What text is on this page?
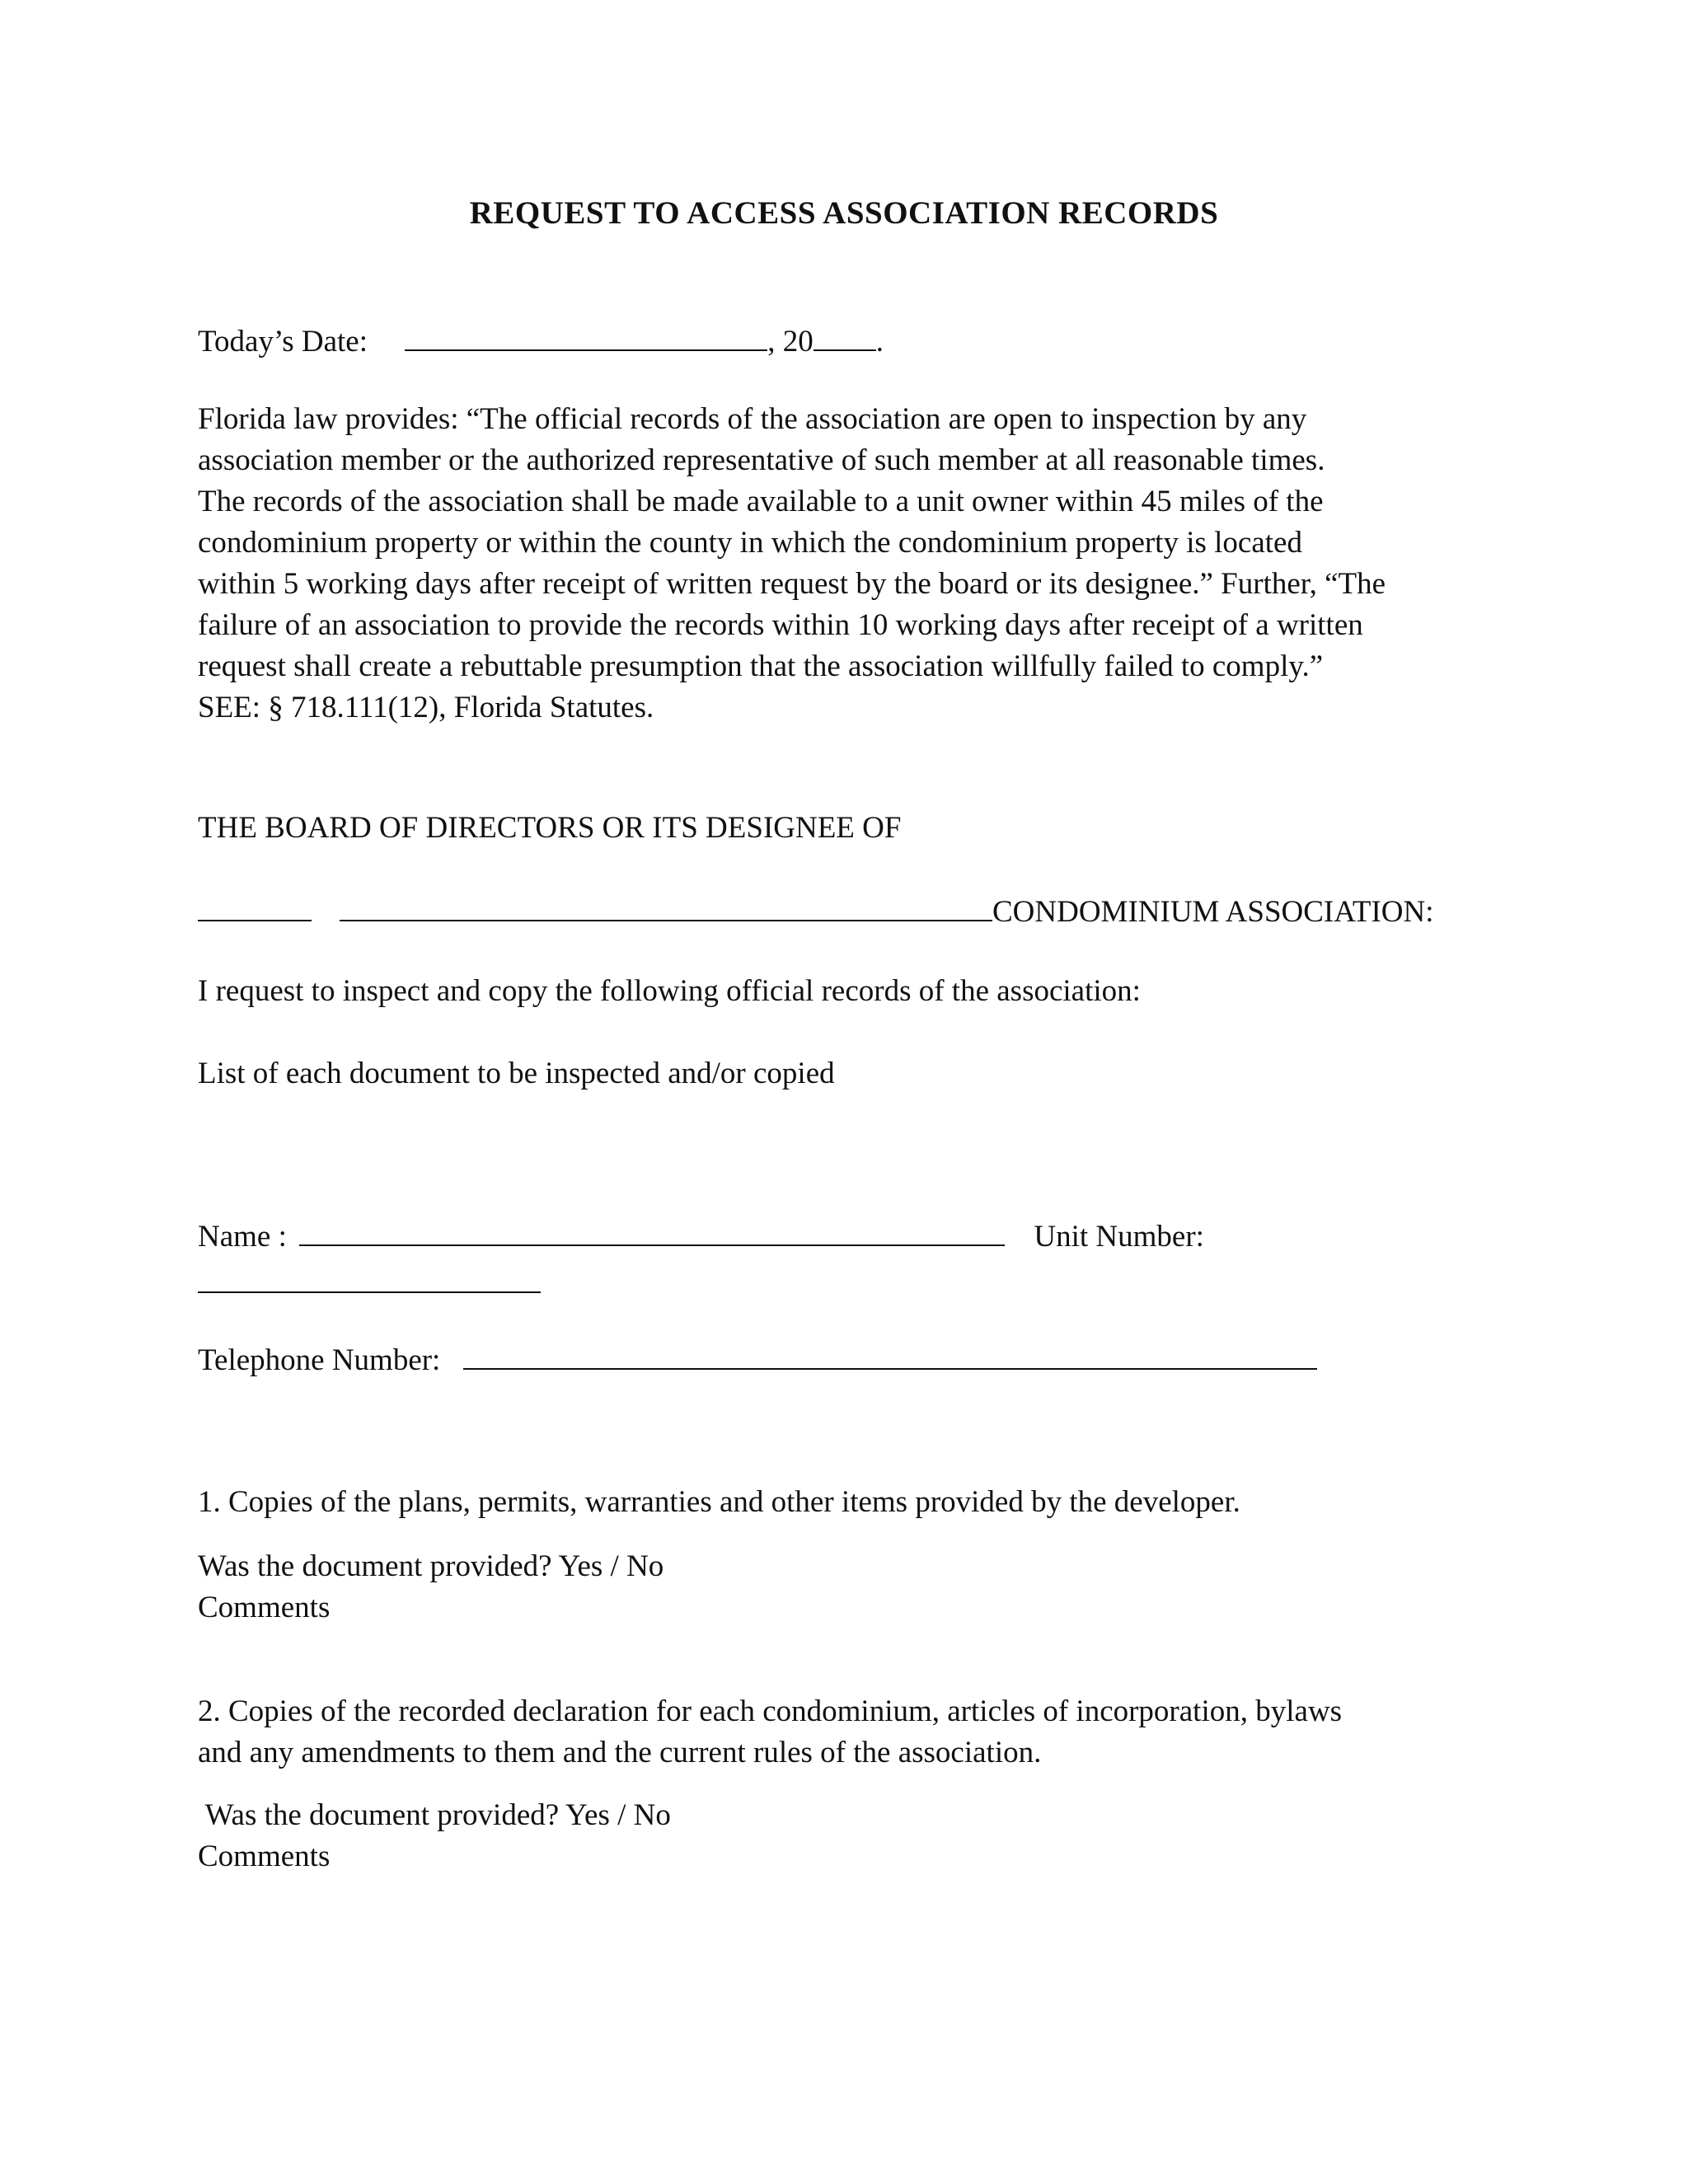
REQUEST TO ACCESS ASSOCIATION RECORDS
Today’s Date:	, 20 .
Florida law provides: “The official records of the association are open to inspection by any
association member or the authorized representative of such member at all reasonable times.
The records of the association shall be made available to a unit owner within 45 miles of the
condominium property or within the county in which the condominium property is located
within 5 working days after receipt of written request by the board or its designee.” Further, “The
failure of an association to provide the records within 10 working days after receipt of a written
request shall create a rebuttable presumption that the association willfully failed to comply.”
SEE: § 718.111(12), Florida Statutes.
THE BOARD OF DIRECTORS OR ITS DESIGNEE OF
CONDOMINIUM ASSOCIATION:
I request to inspect and copy the following official records of the association:
List of each document to be inspected and/or copied
Name :	Unit Number:
Telephone Number:
1. Copies of the plans, permits, warranties and other items provided by the developer.
Was the document provided? Yes / No
Comments
2. Copies of the recorded declaration for each condominium, articles of incorporation, bylaws
and any amendments to them and the current rules of the association.
Was the document provided? Yes / No
Comments
